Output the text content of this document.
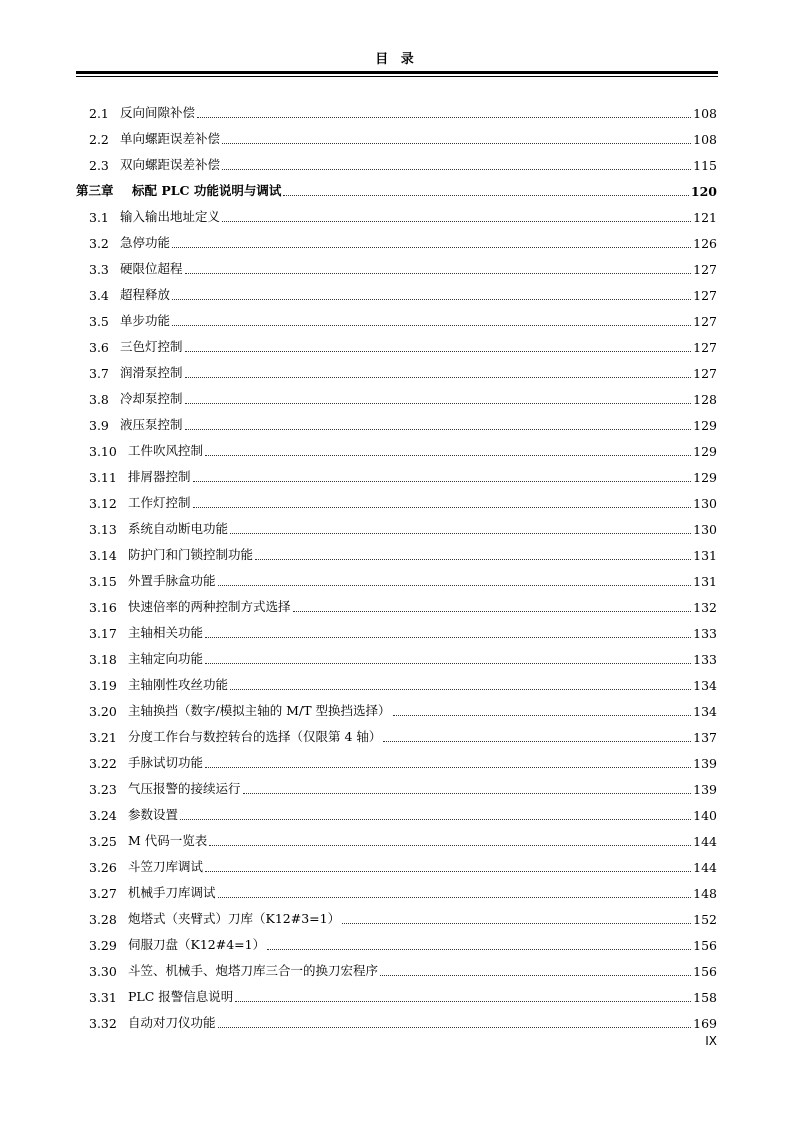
目 录
2.1 反向间隙补偿	108
2.2 单向螺距误差补偿	108
2.3 双向螺距误差补偿	115
第三章	标配 PLC 功能说明与调试	120
3.1 输入输出地址定义	121
3.2 急停功能	126
3.3 硬限位超程	127
3.4 超程释放	127
3.5 单步功能	127
3.6 三色灯控制	127
3.7 润滑泵控制	127
3.8 冷却泵控制	128
3.9 液压泵控制	129
3.10 工件吹风控制	129
3.11 排屑器控制	129
3.12 工作灯控制	130
3.13 系统自动断电功能	130
3.14 防护门和门锁控制功能	131
3.15 外置手脉盒功能	131
3.16 快速倍率的两种控制方式选择	132
3.17 主轴相关功能	133
3.18 主轴定向功能	133
3.19 主轴刚性攻丝功能	134
3.20 主轴换挡（数字/模拟主轴的 M/T 型换挡选择）	134
3.21 分度工作台与数控转台的选择（仅限第 4 轴）	137
3.22 手脉试切功能	139
3.23 气压报警的接续运行	139
3.24 参数设置	140
3.25 M 代码一览表	144
3.26 斗笠刀库调试	144
3.27 机械手刀库调试	148
3.28 炮塔式（夹臂式）刀库（K12#3=1）	152
3.29 伺服刀盘（K12#4=1）	156
3.30 斗笠、机械手、炮塔刀库三合一的换刀宏程序	156
3.31 PLC 报警信息说明	158
3.32 自动对刀仪功能	169
IX
